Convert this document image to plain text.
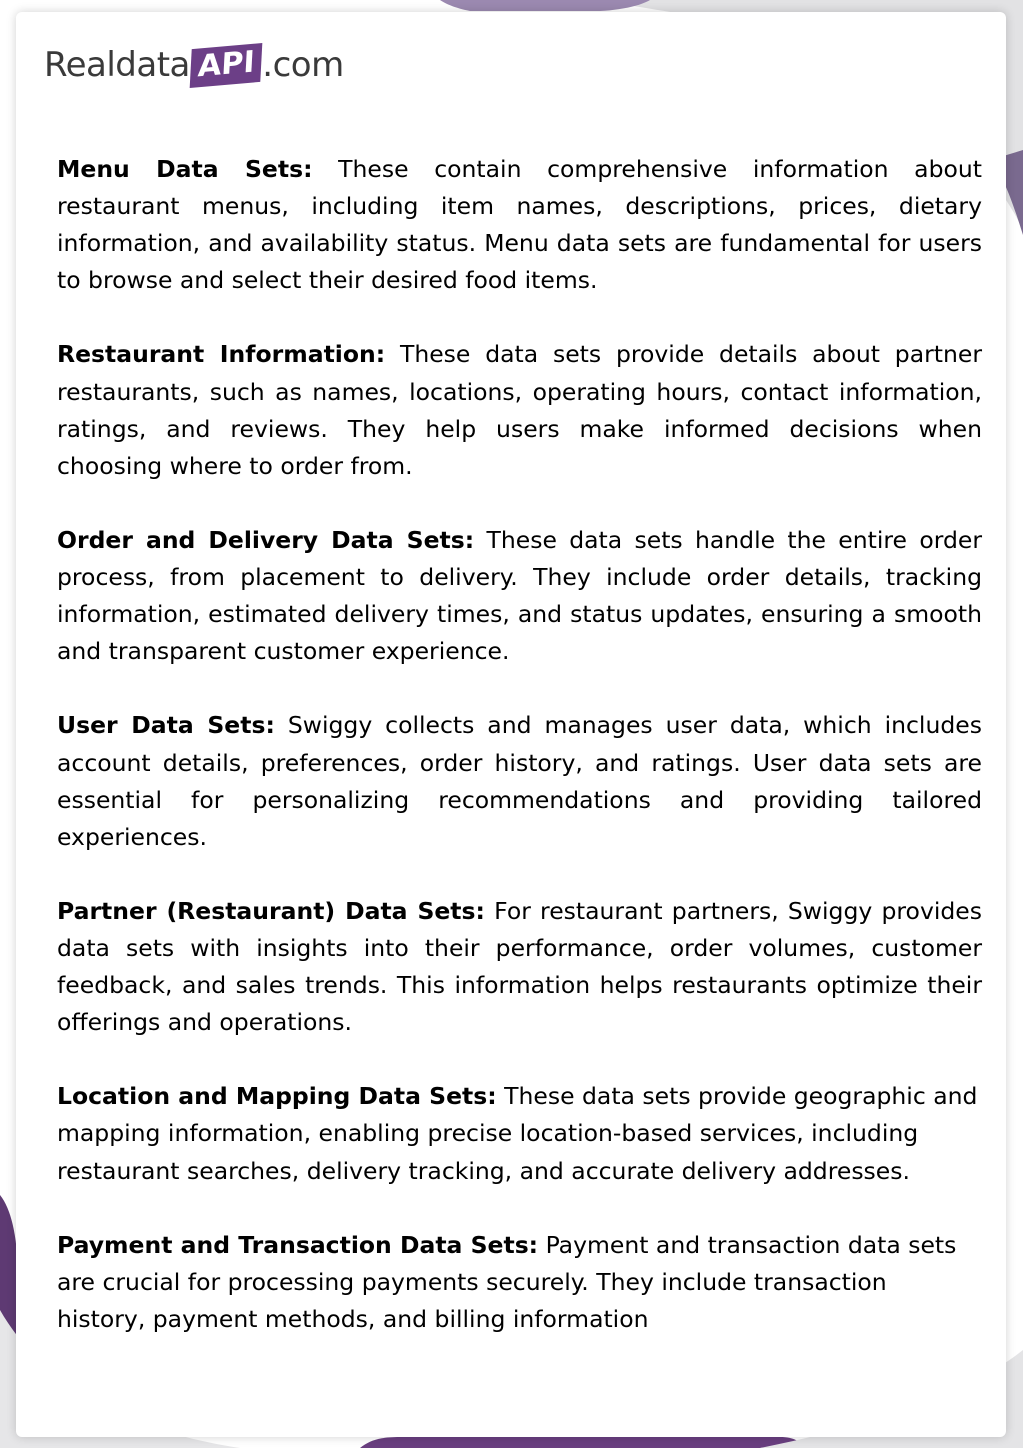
Realdata API .com

Menu Data Sets: These contain comprehensive information about restaurant menus, including item names, descriptions, prices, dietary information, and availability status. Menu data sets are fundamental for users to browse and select their desired food items.

Restaurant Information: These data sets provide details about partner restaurants, such as names, locations, operating hours, contact information, ratings, and reviews. They help users make informed decisions when choosing where to order from.

Order and Delivery Data Sets: These data sets handle the entire order process, from placement to delivery. They include order details, tracking information, estimated delivery times, and status updates, ensuring a smooth and transparent customer experience.

User Data Sets: Swiggy collects and manages user data, which includes account details, preferences, order history, and ratings. User data sets are essential for personalizing recommendations and providing tailored experiences.

Partner (Restaurant) Data Sets: For restaurant partners, Swiggy provides data sets with insights into their performance, order volumes, customer feedback, and sales trends. This information helps restaurants optimize their offerings and operations.

Location and Mapping Data Sets: These data sets provide geographic and mapping information, enabling precise location-based services, including restaurant searches, delivery tracking, and accurate delivery addresses.

Payment and Transaction Data Sets: Payment and transaction data sets are crucial for processing payments securely. They include transaction history, payment methods, and billing information
